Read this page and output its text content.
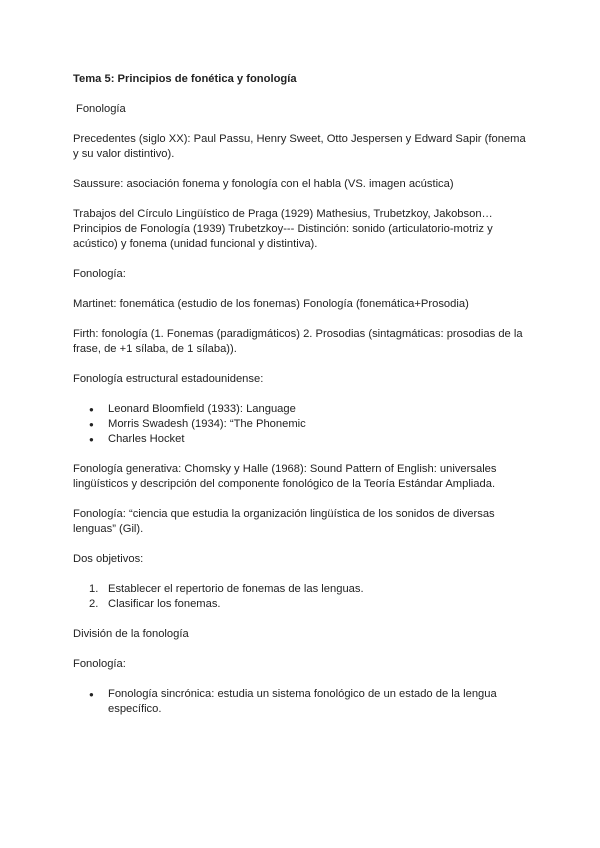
Tema 5: Principios de fonética y fonología

Fonología

Precedentes (siglo XX): Paul Passu, Henry Sweet, Otto Jespersen y Edward Sapir (fonema y su valor distintivo).

Saussure: asociación fonema y fonología con el habla (VS. imagen acústica)

Trabajos del Círculo Lingüístico de Praga (1929) Mathesius, Trubetzkoy, Jakobson…
Principios de Fonología (1939) Trubetzkoy--- Distinción: sonido (articulatorio-motriz y acústico) y fonema (unidad funcional y distintiva).

Fonología:

Martinet: fonemática (estudio de los fonemas) Fonología (fonemática+Prosodia)

Firth: fonología (1. Fonemas (paradigmáticos) 2. Prosodias (sintagmáticas: prosodias de la frase, de +1 sílaba, de 1 sílaba)).

Fonología estructural estadounidense:

● Leonard Bloomfield (1933): Language
● Morris Swadesh (1934): “The Phonemic
● Charles Hocket

Fonología generativa: Chomsky y Halle (1968): Sound Pattern of English: universales lingüísticos y descripción del componente fonológico de la Teoría Estándar Ampliada.

Fonología: “ciencia que estudia la organización lingüística de los sonidos de diversas lenguas” (Gil).

Dos objetivos:

1. Establecer el repertorio de fonemas de las lenguas.
2. Clasificar los fonemas.

División de la fonología

Fonología:

● Fonología sincrónica: estudia un sistema fonológico de un estado de la lengua específico.
